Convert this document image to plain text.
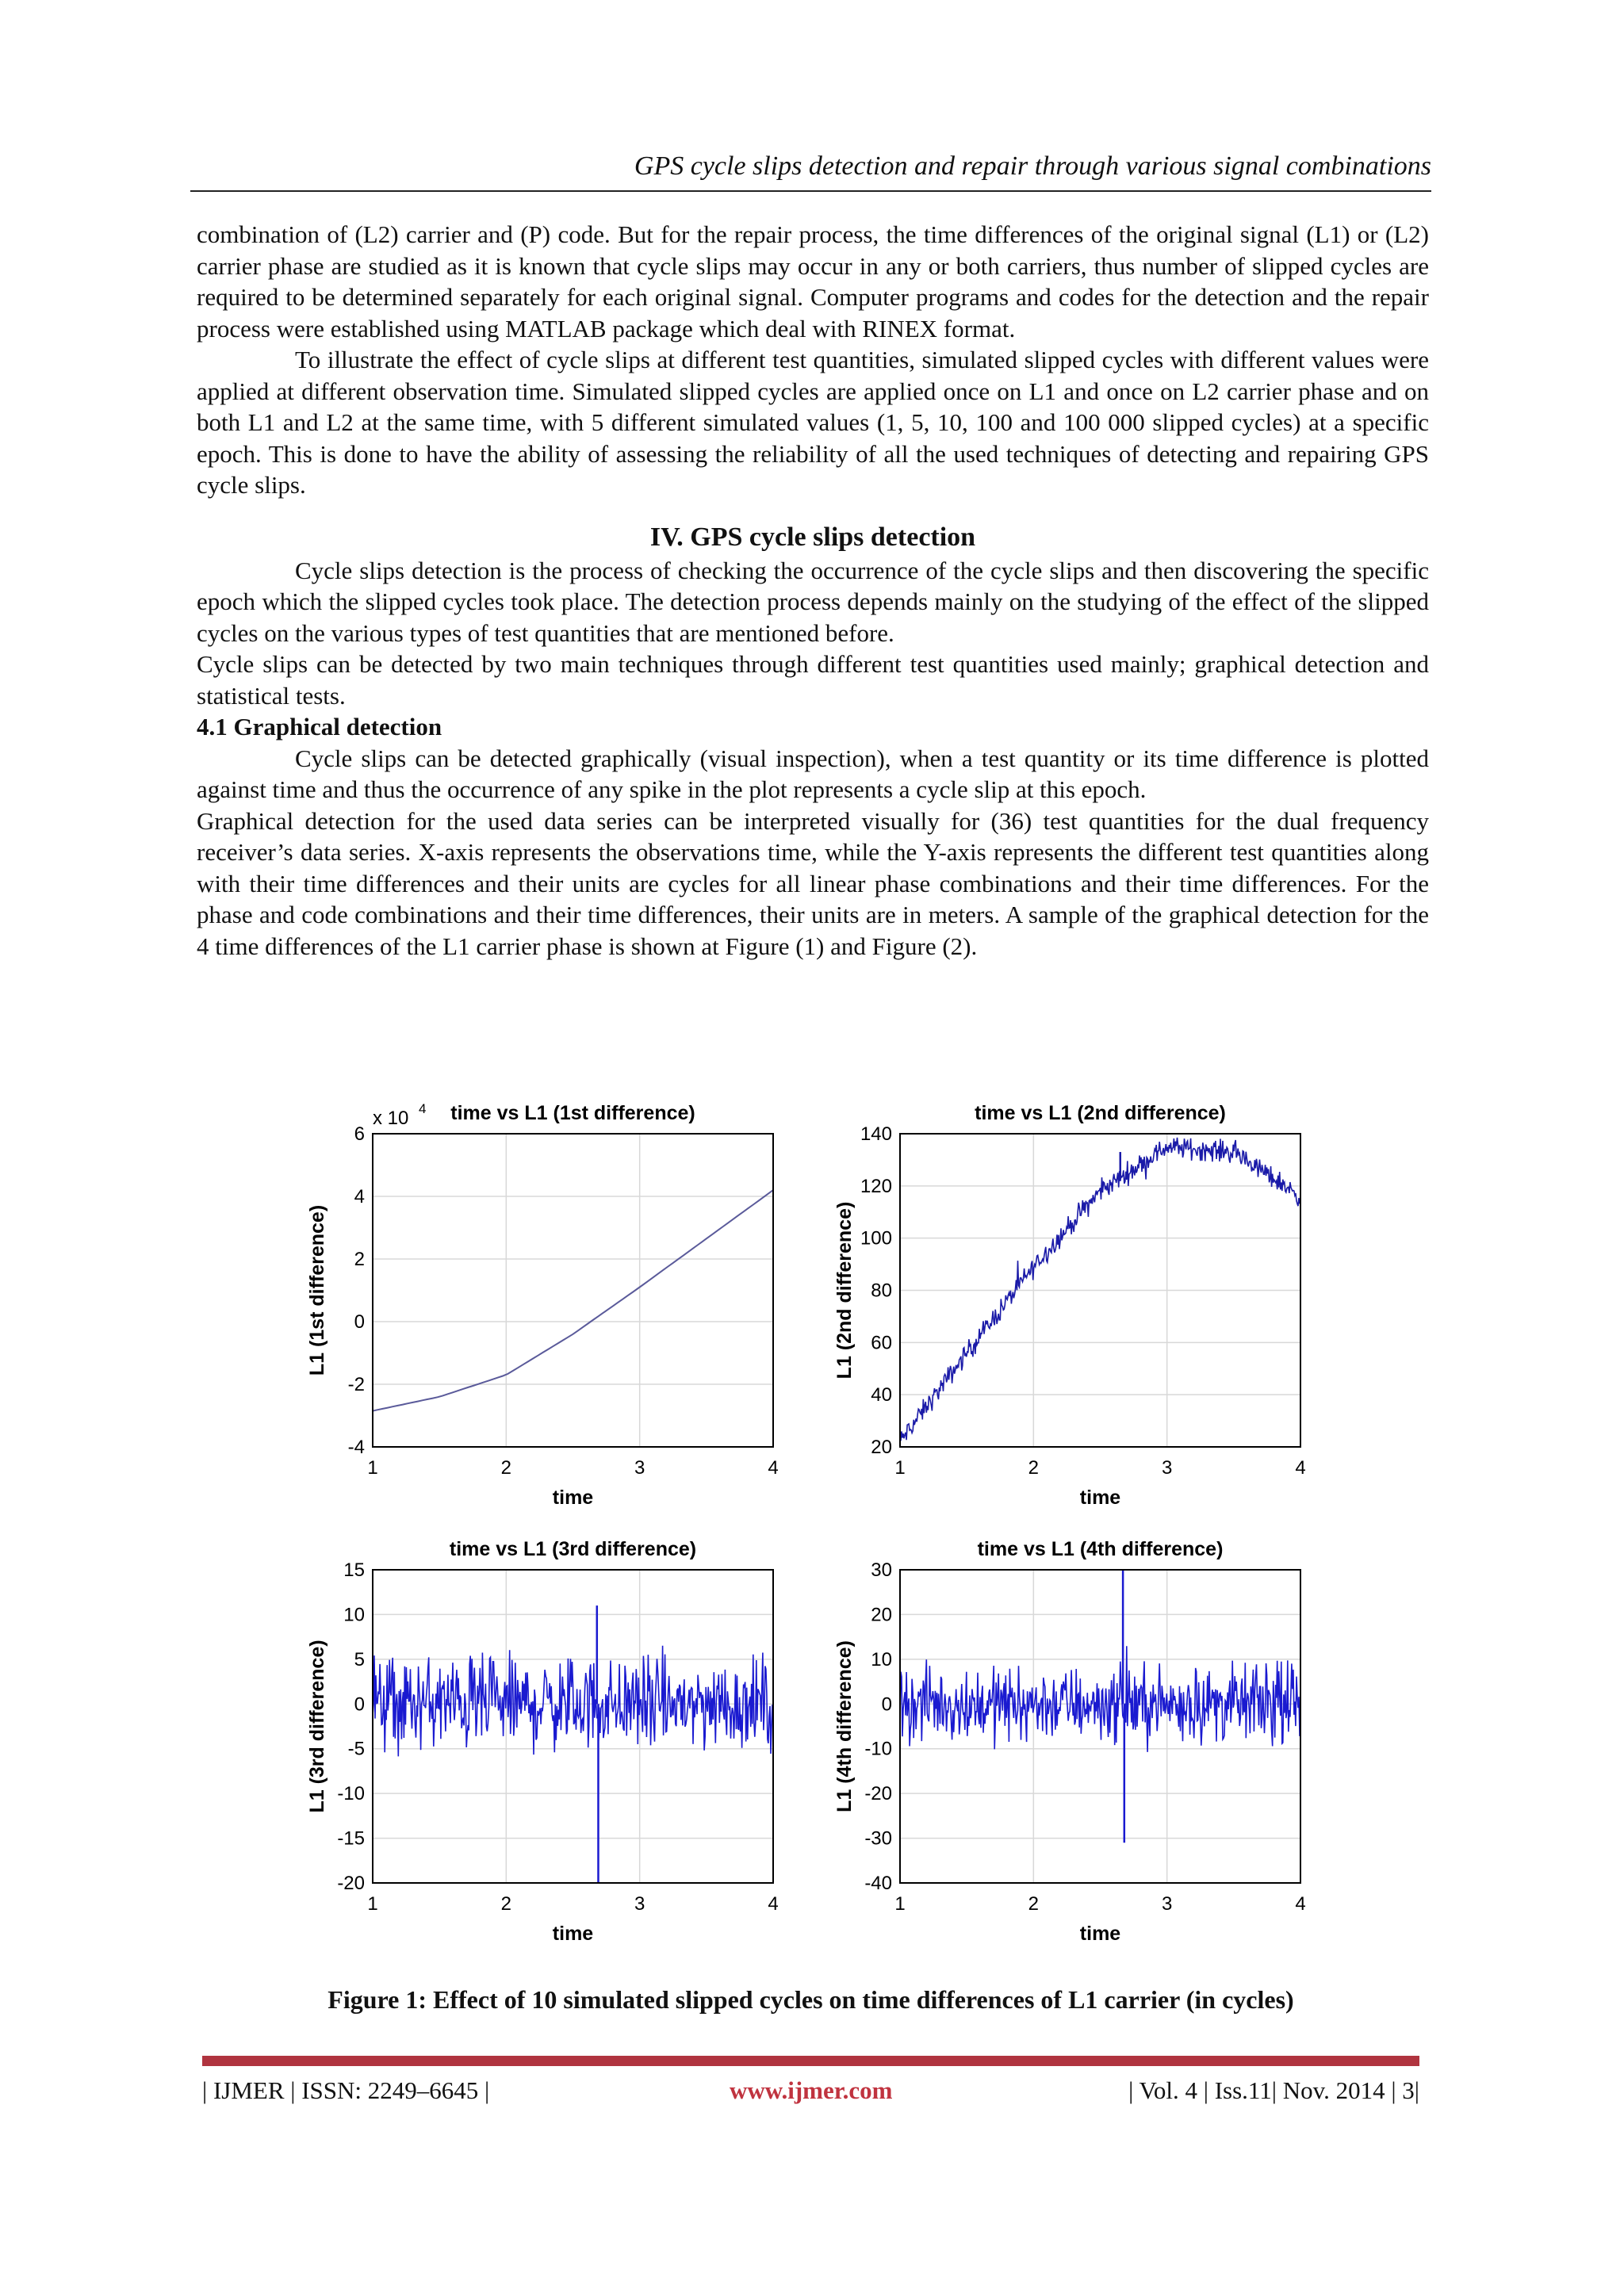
GPS cycle slips detection and repair through various signal combinations

combination of (L2) carrier and (P) code. But for the repair process, the time differences of the original signal (L1) or (L2) carrier phase are studied as it is known that cycle slips may occur in any or both carriers, thus number of slipped cycles are required to be determined separately for each original signal. Computer programs and codes for the detection and the repair process were established using MATLAB package which deal with RINEX format.

To illustrate the effect of cycle slips at different test quantities, simulated slipped cycles with different values were applied at different observation time. Simulated slipped cycles are applied once on L1 and once on L2 carrier phase and on both L1 and L2 at the same time, with 5 different simulated values (1, 5, 10, 100 and 100 000 slipped cycles) at a specific epoch. This is done to have the ability of assessing the reliability of all the used techniques of detecting and repairing GPS cycle slips.

IV. GPS cycle slips detection

Cycle slips detection is the process of checking the occurrence of the cycle slips and then discovering the specific epoch which the slipped cycles took place. The detection process depends mainly on the studying of the effect of the slipped cycles on the various types of test quantities that are mentioned before.

Cycle slips can be detected by two main techniques through different test quantities used mainly; graphical detection and statistical tests.

4.1 Graphical detection

Cycle slips can be detected graphically (visual inspection), when a test quantity or its time difference is plotted against time and thus the occurrence of any spike in the plot represents a cycle slip at this epoch.

Graphical detection for the used data series can be interpreted visually for (36) test quantities for the dual frequency receiver’s data series. X-axis represents the observations time, while the Y-axis represents the different test quantities along with their time differences and their units are cycles for all linear phase combinations and their time differences. For the phase and code combinations and their time differences, their units are in meters. A sample of the graphical detection for the 4 time differences of the L1 carrier phase is shown at Figure (1) and Figure (2).

1	2	3	4
-4
-2
0
2
4
6
time vs L1 (1st difference)
time
L1 (1st difference)
x 10 4
1	2	3	4
20
40
60
80
100
120
140
time vs L1 (2nd difference)
time
L1 (2nd difference)
1	2	3	4
-20
-15
-10
-5
0
5
10
15
time vs L1 (3rd difference)
time
L1 (3rd difference)
1	2	3	4
-40
-30
-20
-10
0
10
20
30
time vs L1 (4th difference)
time
L1 (4th difference)
Figure 1: Effect of 10 simulated slipped cycles on time differences of L1 carrier (in cycles)
| IJMER | ISSN: 2249–6645 |	www.ijmer.com	| Vol. 4 | Iss.11| Nov. 2014 | 3|
